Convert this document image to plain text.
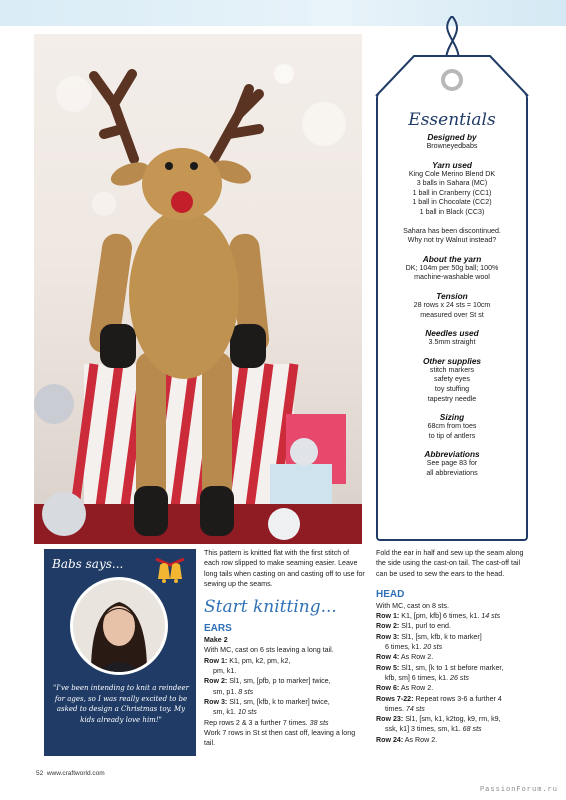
Essentials
Designed by
Browneyedbabs
Yarn used
King Cole Merino Blend DK
3 balls in Sahara (MC)
1 ball in Cranberry (CC1)
1 ball in Chocolate (CC2)
1 ball in Black (CC3)
Sahara has been discontinued.
Why not try Walnut instead?
About the yarn
DK; 104m per 50g ball; 100%
machine-washable wool
Tension
28 rows x 24 sts = 10cm
measured over St st
Needles used
3.5mm straight
Other supplies
stitch markers
safety eyes
toy stuffing
tapestry needle
Sizing
68cm from toes
to tip of antlers
Abbreviations
See page 83 for
all abbreviations
Babs says...
"I've been intending to knit a reindeer for ages, so I was really excited to be asked to design a Christmas toy. My kids already love him!"

This pattern is knitted flat with the first stitch of each row slipped to make seaming easier. Leave long tails when casting on and casting off to use for sewing up the seams.

Start knitting...
EARS

Make 2

With MC, cast on 6 sts leaving a long tail.

Row 1: K1, pm, k2, pm, k2,
pm, k1.

Row 2: Sl1, sm, [pfb, p to marker] twice,
sm, p1. 8 sts

Row 3: Sl1, sm, [kfb, k to marker] twice,
sm, k1. 10 sts

Rep rows 2 & 3 a further 7 times. 38 sts

Work 7 rows in St st then cast off, leaving a long tail.

Fold the ear in half and sew up the seam along the side using the cast-on tail. The cast-off tail can be used to sew the ears to the head.

HEAD

With MC, cast on 8 sts.

Row 1: K1, [pm, kfb] 6 times, k1. 14 sts

Row 2: Sl1, purl to end.

Row 3: Sl1, [sm, kfb, k to marker]
6 times, k1. 20 sts

Row 4: As Row 2.

Row 5: Sl1, sm, [k to 1 st before marker,
kfb, sm] 6 times, k1. 26 sts

Row 6: As Row 2.

Rows 7-22: Repeat rows 3-6 a further 4
times. 74 sts

Row 23: Sl1, [sm, k1, k2tog, k9, rm, k9,
ssk, k1] 3 times, sm, k1. 68 sts

Row 24: As Row 2.

52 www.craftworld.com
PassionForum.ru
